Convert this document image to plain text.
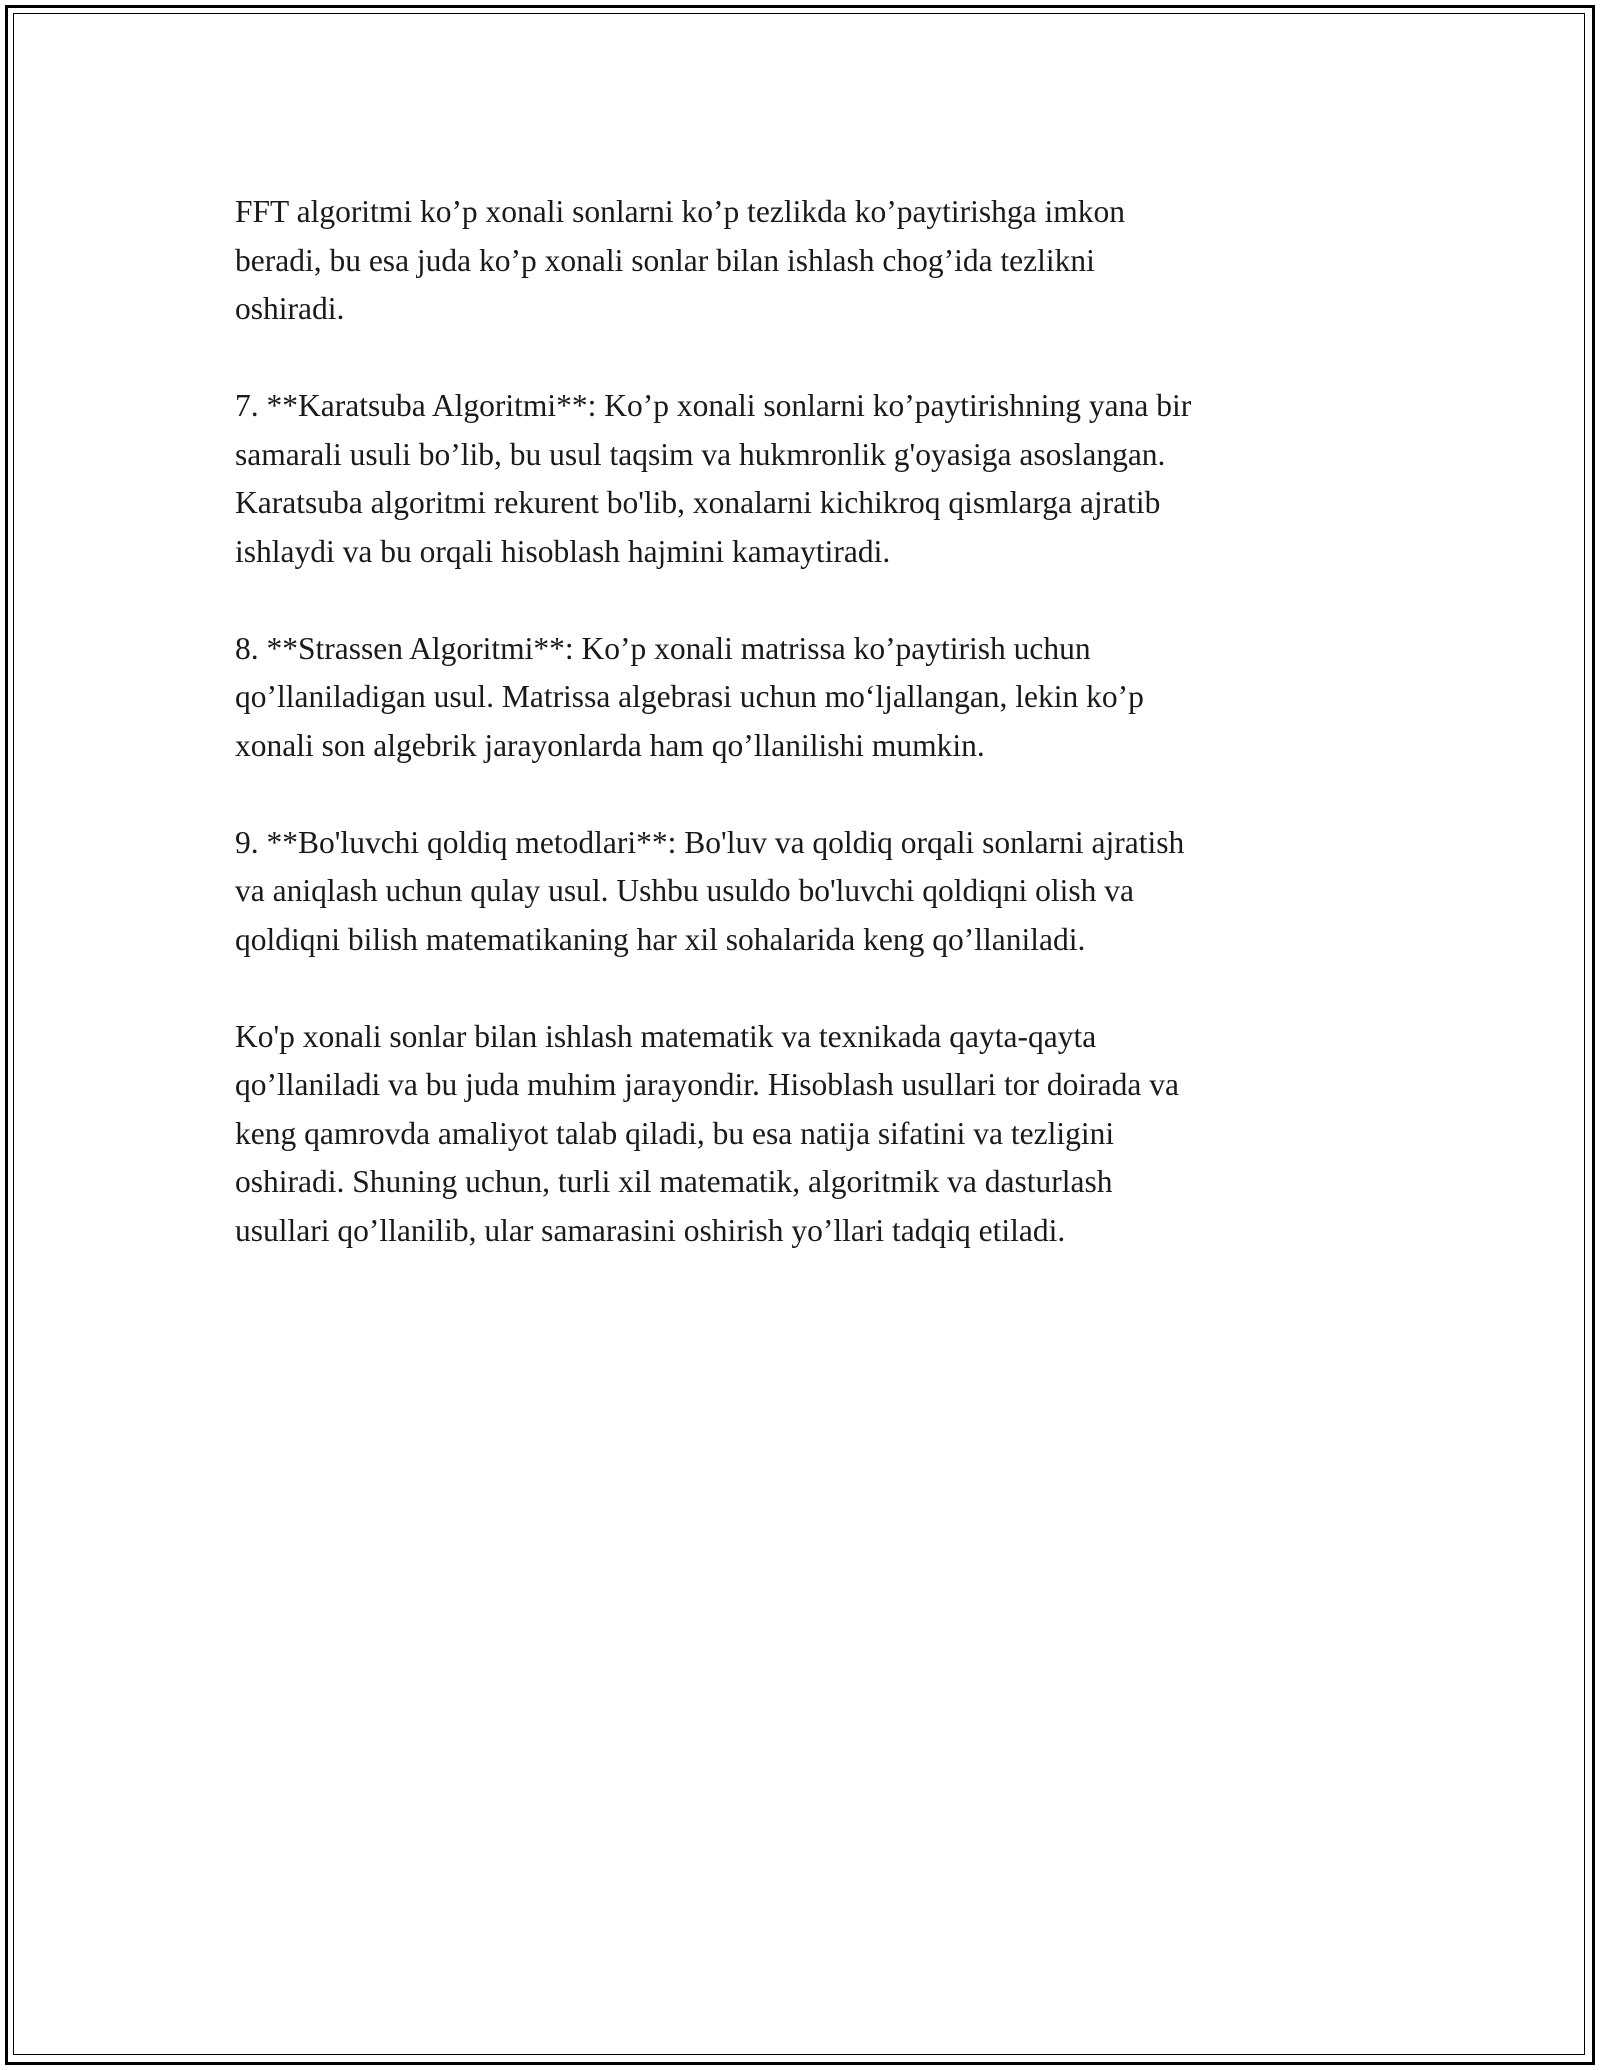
FFT algoritmi ko’p xonali sonlarni ko’p tezlikda ko’paytirishga imkon
beradi, bu esa juda ko’p xonali sonlar bilan ishlash chog’ida tezlikni
oshiradi.

7. **Karatsuba Algoritmi**: Ko’p xonali sonlarni ko’paytirishning yana bir
samarali usuli bo’lib, bu usul taqsim va hukmronlik g'oyasiga asoslangan.
Karatsuba algoritmi rekurent bo'lib, xonalarni kichikroq qismlarga ajratib
ishlaydi va bu orqali hisoblash hajmini kamaytiradi.

8. **Strassen Algoritmi**: Ko’p xonali matrissa ko’paytirish uchun
qo’llaniladigan usul. Matrissa algebrasi uchun mo‘ljallangan, lekin ko’p
xonali son algebrik jarayonlarda ham qo’llanilishi mumkin.

9. **Bo'luvchi qoldiq metodlari**: Bo'luv va qoldiq orqali sonlarni ajratish
va aniqlash uchun qulay usul. Ushbu usuldo bo'luvchi qoldiqni olish va
qoldiqni bilish matematikaning har xil sohalarida keng qo’llaniladi.

Ko'p xonali sonlar bilan ishlash matematik va texnikada qayta-qayta
qo’llaniladi va bu juda muhim jarayondir. Hisoblash usullari tor doirada va
keng qamrovda amaliyot talab qiladi, bu esa natija sifatini va tezligini
oshiradi. Shuning uchun, turli xil matematik, algoritmik va dasturlash
usullari qo’llanilib, ular samarasini oshirish yo’llari tadqiq etiladi.
